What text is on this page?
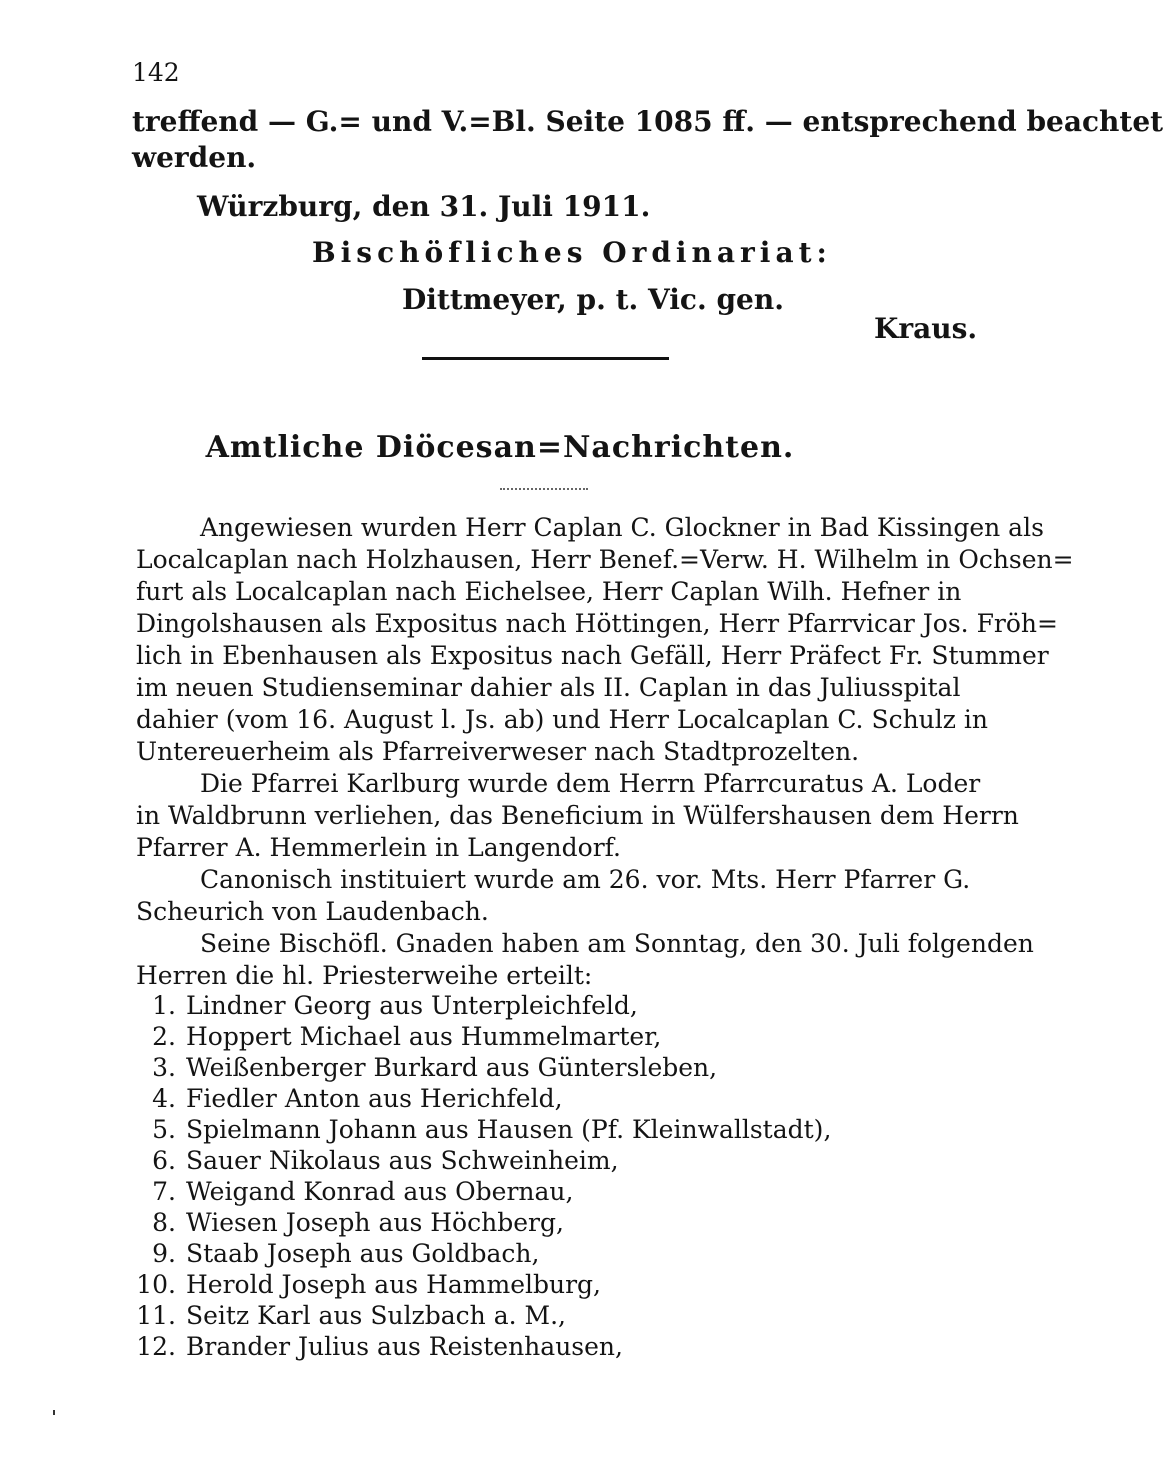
142
treffend — G.= und V.=Bl. Seite 1085 ff. — entsprechend beachtet
werden.
Würzburg, den 31. Juli 1911.
Bischöfliches Ordinariat:
Dittmeyer, p. t. Vic. gen.
Kraus.
Amtliche Diöcesan=Nachrichten.
Angewiesen wurden Herr Caplan C. Glockner in Bad Kissingen als
Localcaplan nach Holzhausen, Herr Benef.=Verw. H. Wilhelm in Ochsen=
furt als Localcaplan nach Eichelsee, Herr Caplan Wilh. Hefner in
Dingolshausen als Expositus nach Höttingen, Herr Pfarrvicar Jos. Fröh=
lich in Ebenhausen als Expositus nach Gefäll, Herr Präfect Fr. Stummer
im neuen Studienseminar dahier als II. Caplan in das Juliusspital
dahier (vom 16. August l. Js. ab) und Herr Localcaplan C. Schulz in
Untereuerheim als Pfarreiverweser nach Stadtprozelten.
Die Pfarrei Karlburg wurde dem Herrn Pfarrcuratus A. Loder
in Waldbrunn verliehen, das Beneficium in Wülfershausen dem Herrn
Pfarrer A. Hemmerlein in Langendorf.
Canonisch instituiert wurde am 26. vor. Mts. Herr Pfarrer G.
Scheurich von Laudenbach.
Seine Bischöfl. Gnaden haben am Sonntag, den 30. Juli folgenden
Herren die hl. Priesterweihe erteilt:
1. Lindner Georg aus Unterpleichfeld,
2. Hoppert Michael aus Hummelmarter,
3. Weißenberger Burkard aus Güntersleben,
4. Fiedler Anton aus Herichfeld,
5. Spielmann Johann aus Hausen (Pf. Kleinwallstadt),
6. Sauer Nikolaus aus Schweinheim,
7. Weigand Konrad aus Obernau,
8. Wiesen Joseph aus Höchberg,
9. Staab Joseph aus Goldbach,
10. Herold Joseph aus Hammelburg,
11. Seitz Karl aus Sulzbach a. M.,
12. Brander Julius aus Reistenhausen,
